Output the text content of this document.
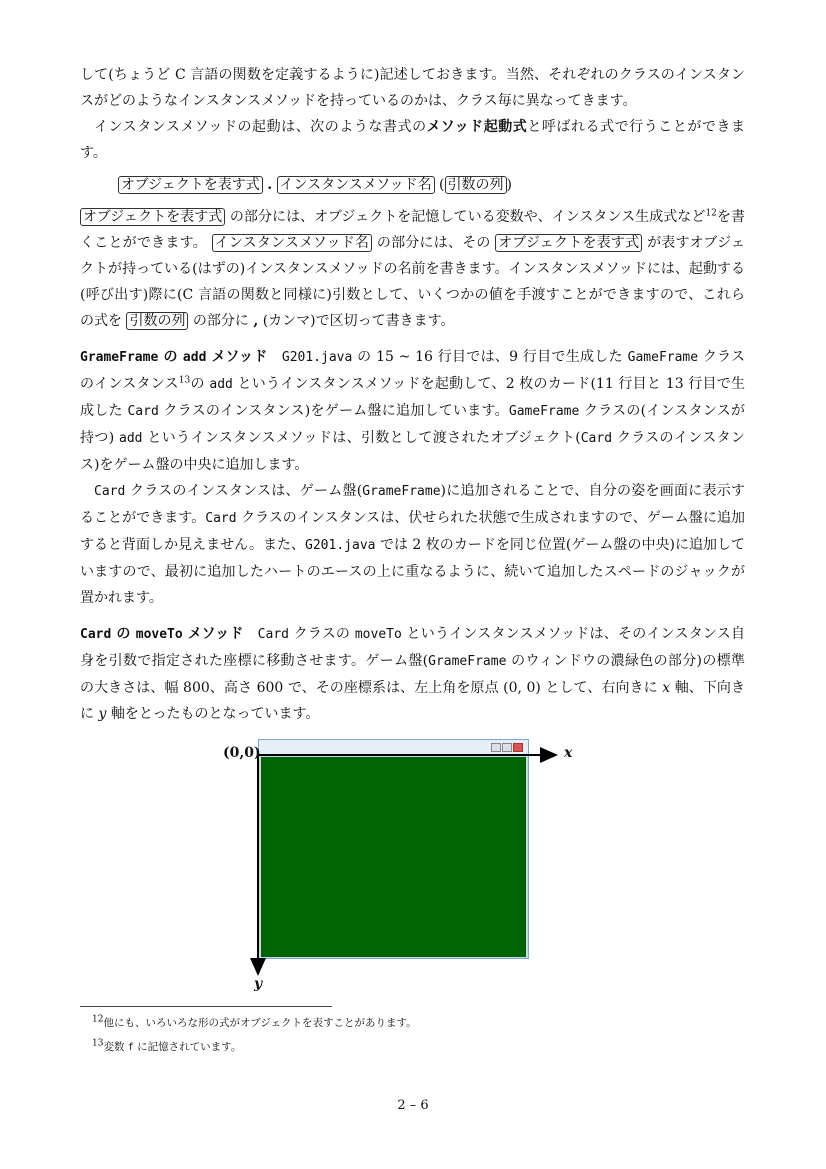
して(ちょうど C 言語の関数を定義するように)記述しておきます。当然、それぞれのクラスのインスタンスがどのようなインスタンスメソッドを持っているのかは、クラス毎に異なってきます。

インスタンスメソッドの起動は、次のような書式のメソッド起動式と呼ばれる式で行うことができます。

オブジェクトを表す式 . インスタンスメソッド名 ( 引数の列 )

オブジェクトを表す式 の部分には、オブジェクトを記憶している変数や、インスタンス生成式など$^{12}$を書くことができます。 インスタンスメソッド名 の部分には、その オブジェクトを表す式 が表すオブジェクトが持っている(はずの)インスタンスメソッドの名前を書きます。インスタンスメソッドには、起動する(呼び出す)際に(C 言語の関数と同様に)引数として、いくつかの値を手渡すことができますので、これらの式を 引数の列 の部分に , (カンマ)で区切って書きます。

GrameFrame の add メソッド G201.java の 15 ~ 16 行目では、9 行目で生成した GameFrame クラスのインスタンス$^{13}$の add というインスタンスメソッドを起動して、2 枚のカード(11 行目と 13 行目で生成した Card クラスのインスタンス)をゲーム盤に追加しています。GameFrame クラスの(インスタンスが持つ) add というインスタンスメソッドは、引数として渡されたオブジェクト(Card クラスのインスタンス)をゲーム盤の中央に追加します。

Card クラスのインスタンスは、ゲーム盤(GrameFrame)に追加されることで、自分の姿を画面に表示することができます。Card クラスのインスタンスは、伏せられた状態で生成されますので、ゲーム盤に追加すると背面しか見えません。また、G201.java では 2 枚のカードを同じ位置(ゲーム盤の中央)に追加していますので、最初に追加したハートのエースの上に重なるように、続いて追加したスペードのジャックが置かれます。

Card の moveTo メソッド Card クラスの moveTo というインスタンスメソッドは、そのインスタンス自身を引数で指定された座標に移動させます。ゲーム盤(GrameFrame のウィンドウの濃緑色の部分)の標準の大きさは、幅 800、高さ 600 で、その座標系は、左上角を原点 (0, 0) として、右向きに x 軸、下向きに y 軸をとったものとなっています。

(0,0)	x
y
$^{12}$他にも、いろいろな形の式がオブジェクトを表すことがあります。
$^{13}$変数 f に記憶されています。
2 – 6
